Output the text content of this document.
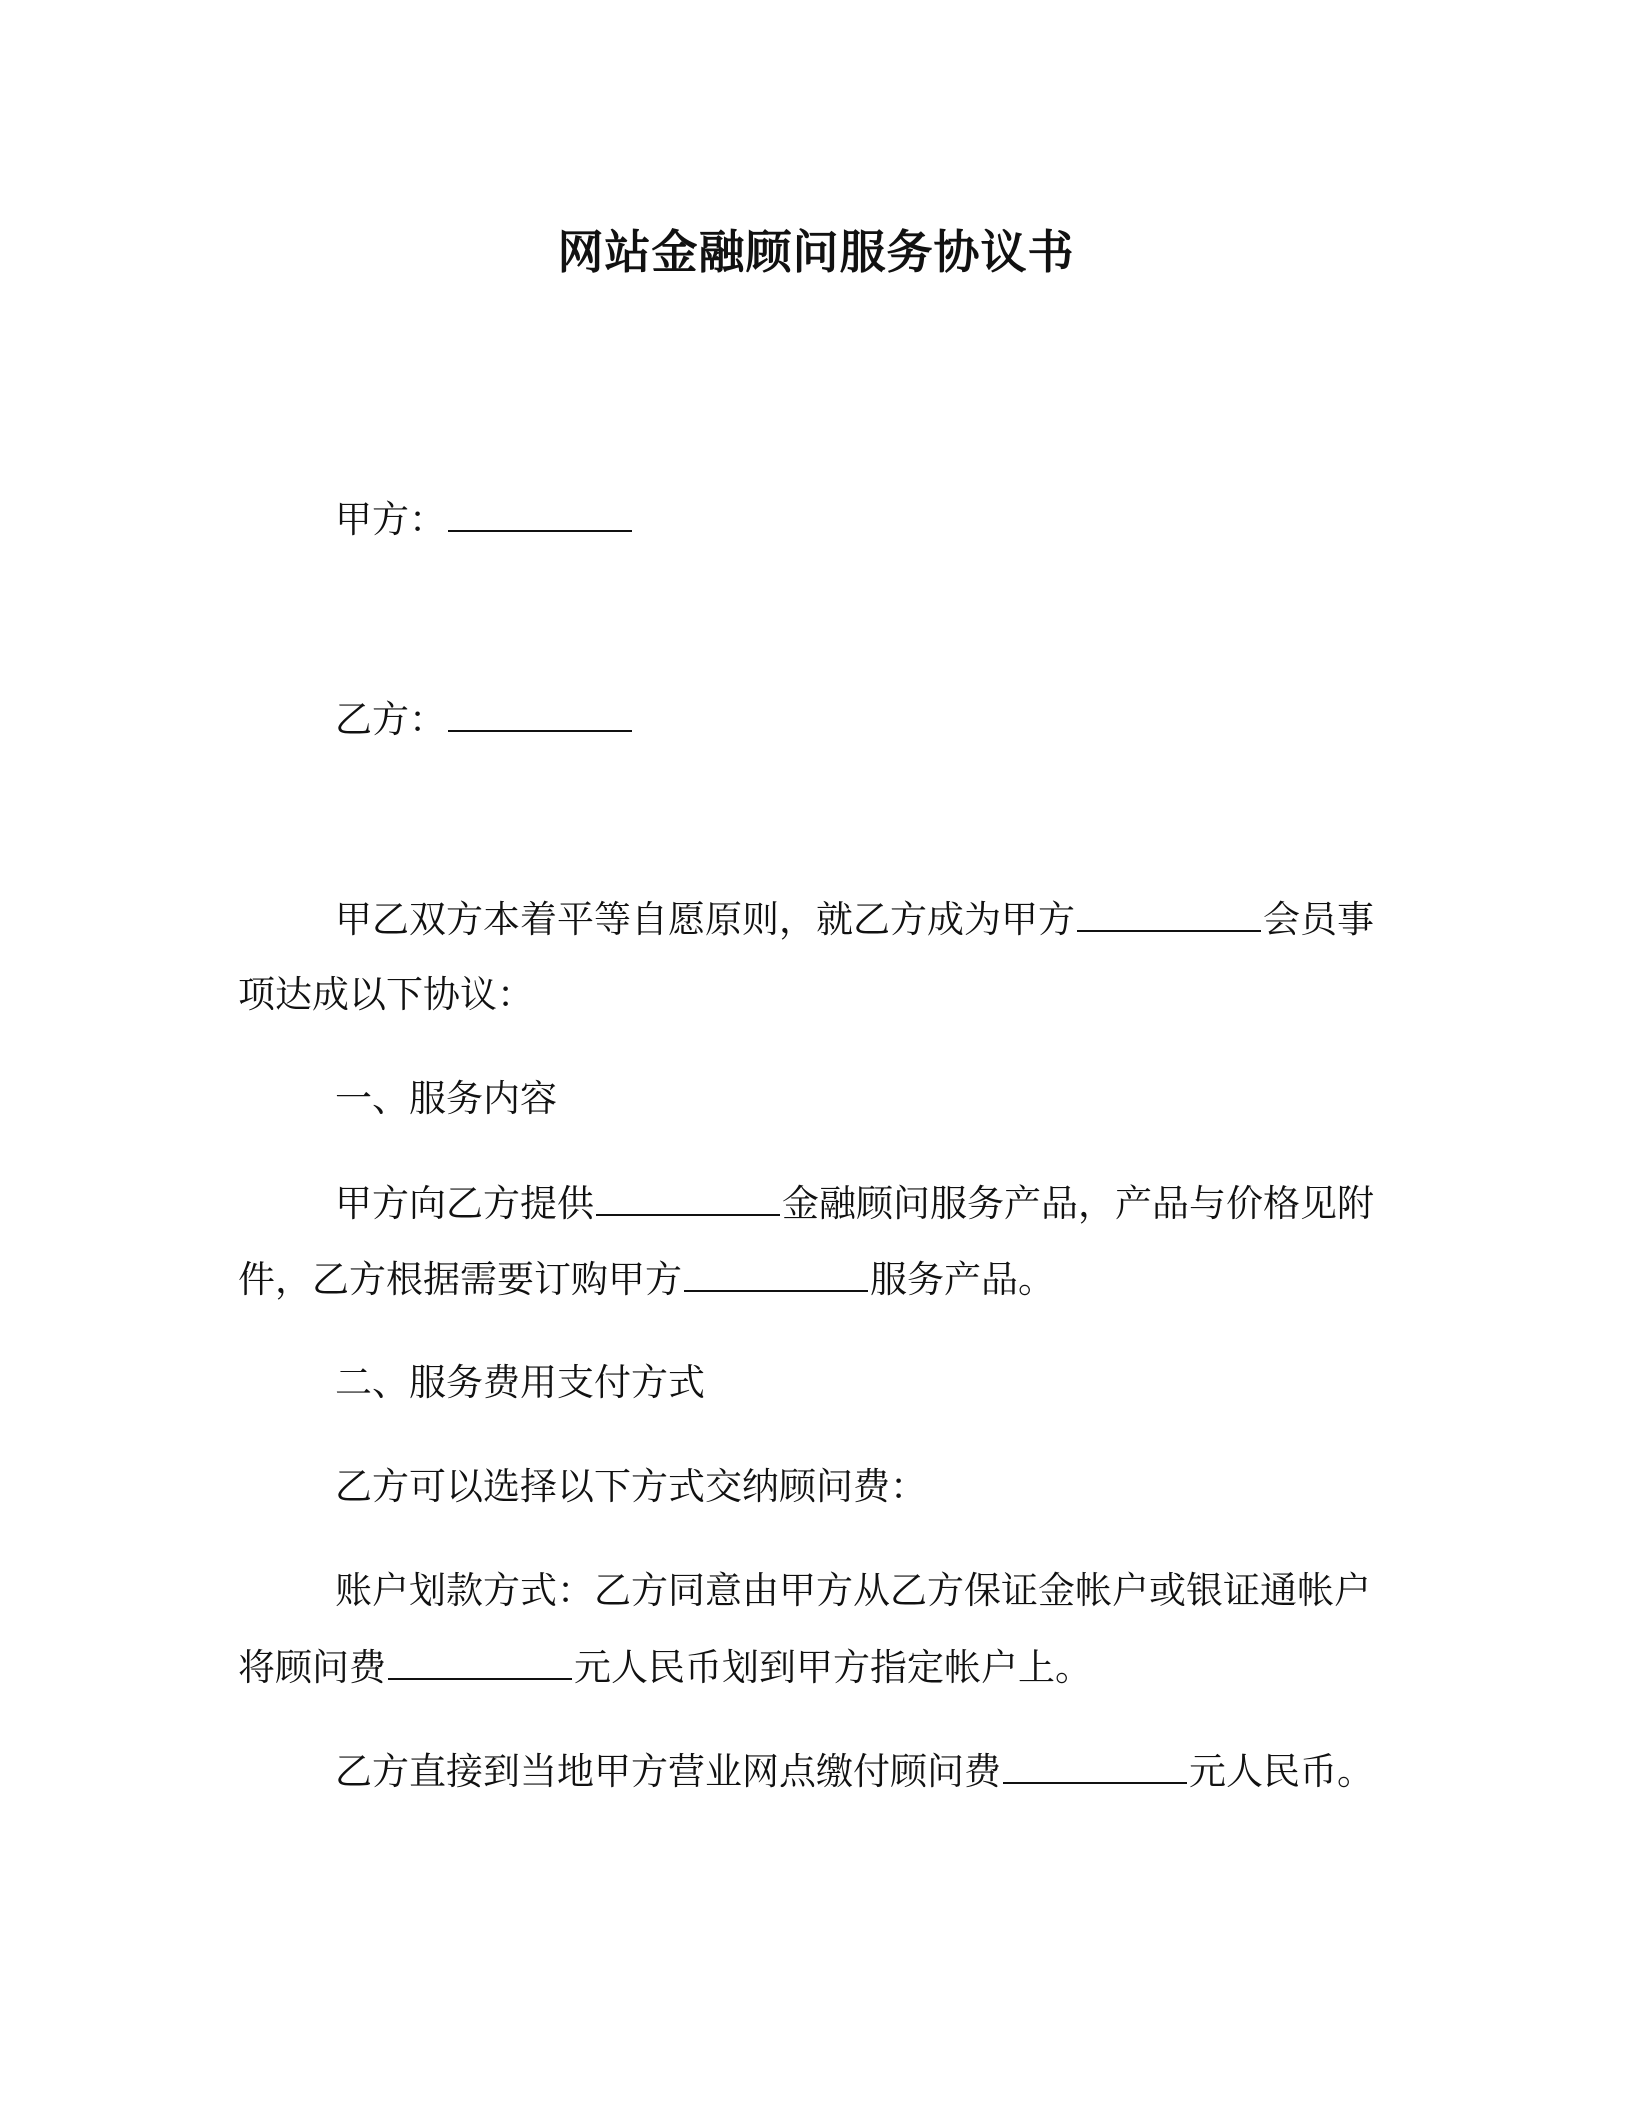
网站金融顾问服务协议书
甲方：
乙方：
甲乙双方本着平等自愿原则，就乙方成为甲方	会员事
项达成以下协议：
一、服务内容
甲方向乙方提供	金融顾问服务产品，产品与价格见附
件，乙方根据需要订购甲方	服务产品。
二、服务费用支付方式
乙方可以选择以下方式交纳顾问费：
账户划款方式：乙方同意由甲方从乙方保证金帐户或银证通帐户
将顾问费	元人民币划到甲方指定帐户上。
乙方直接到当地甲方营业网点缴付顾问费	元人民币。
